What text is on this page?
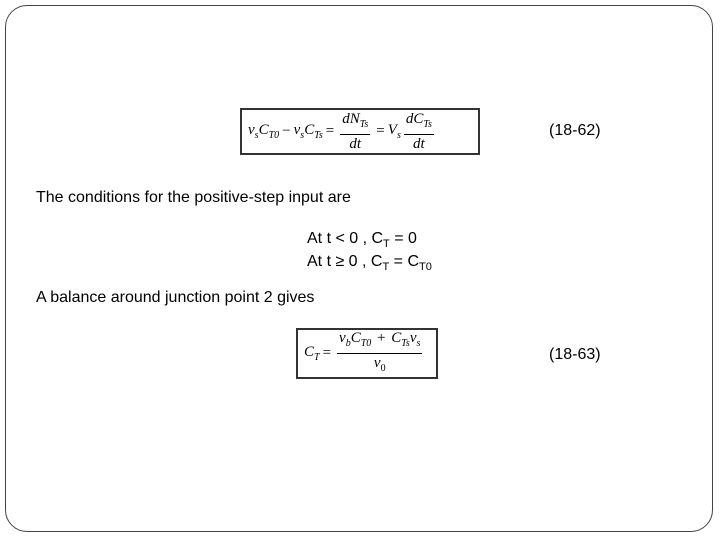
$v_sC_{T0} - v_sC_{Ts} = \frac{dN_{Ts}}{dt} = V_s \frac{dC_{Ts}}{dt}$	(18-62)
The conditions for the positive-step input are
At t < 0 , $C_T = 0$
At t ≥ 0 , $C_T = C_{T0}$
A balance around junction point 2 gives
$C_T = \frac{v_bC_{T0} + C_{Ts}v_s}{v_0}$	(18-63)
